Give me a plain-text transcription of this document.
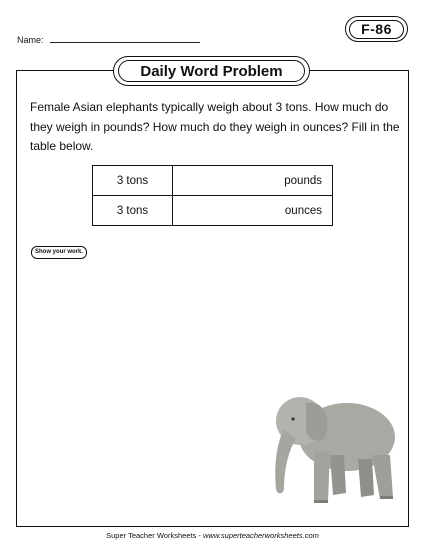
Name:
F-86
Daily Word Problem
Female Asian elephants typically weigh about 3 tons. How much do they weigh in pounds? How much do they weigh in ounces? Fill in the table below.
3 tons	pounds
3 tons	ounces
Show your work.
Super Teacher Worksheets - www.superteacherworksheets.com
